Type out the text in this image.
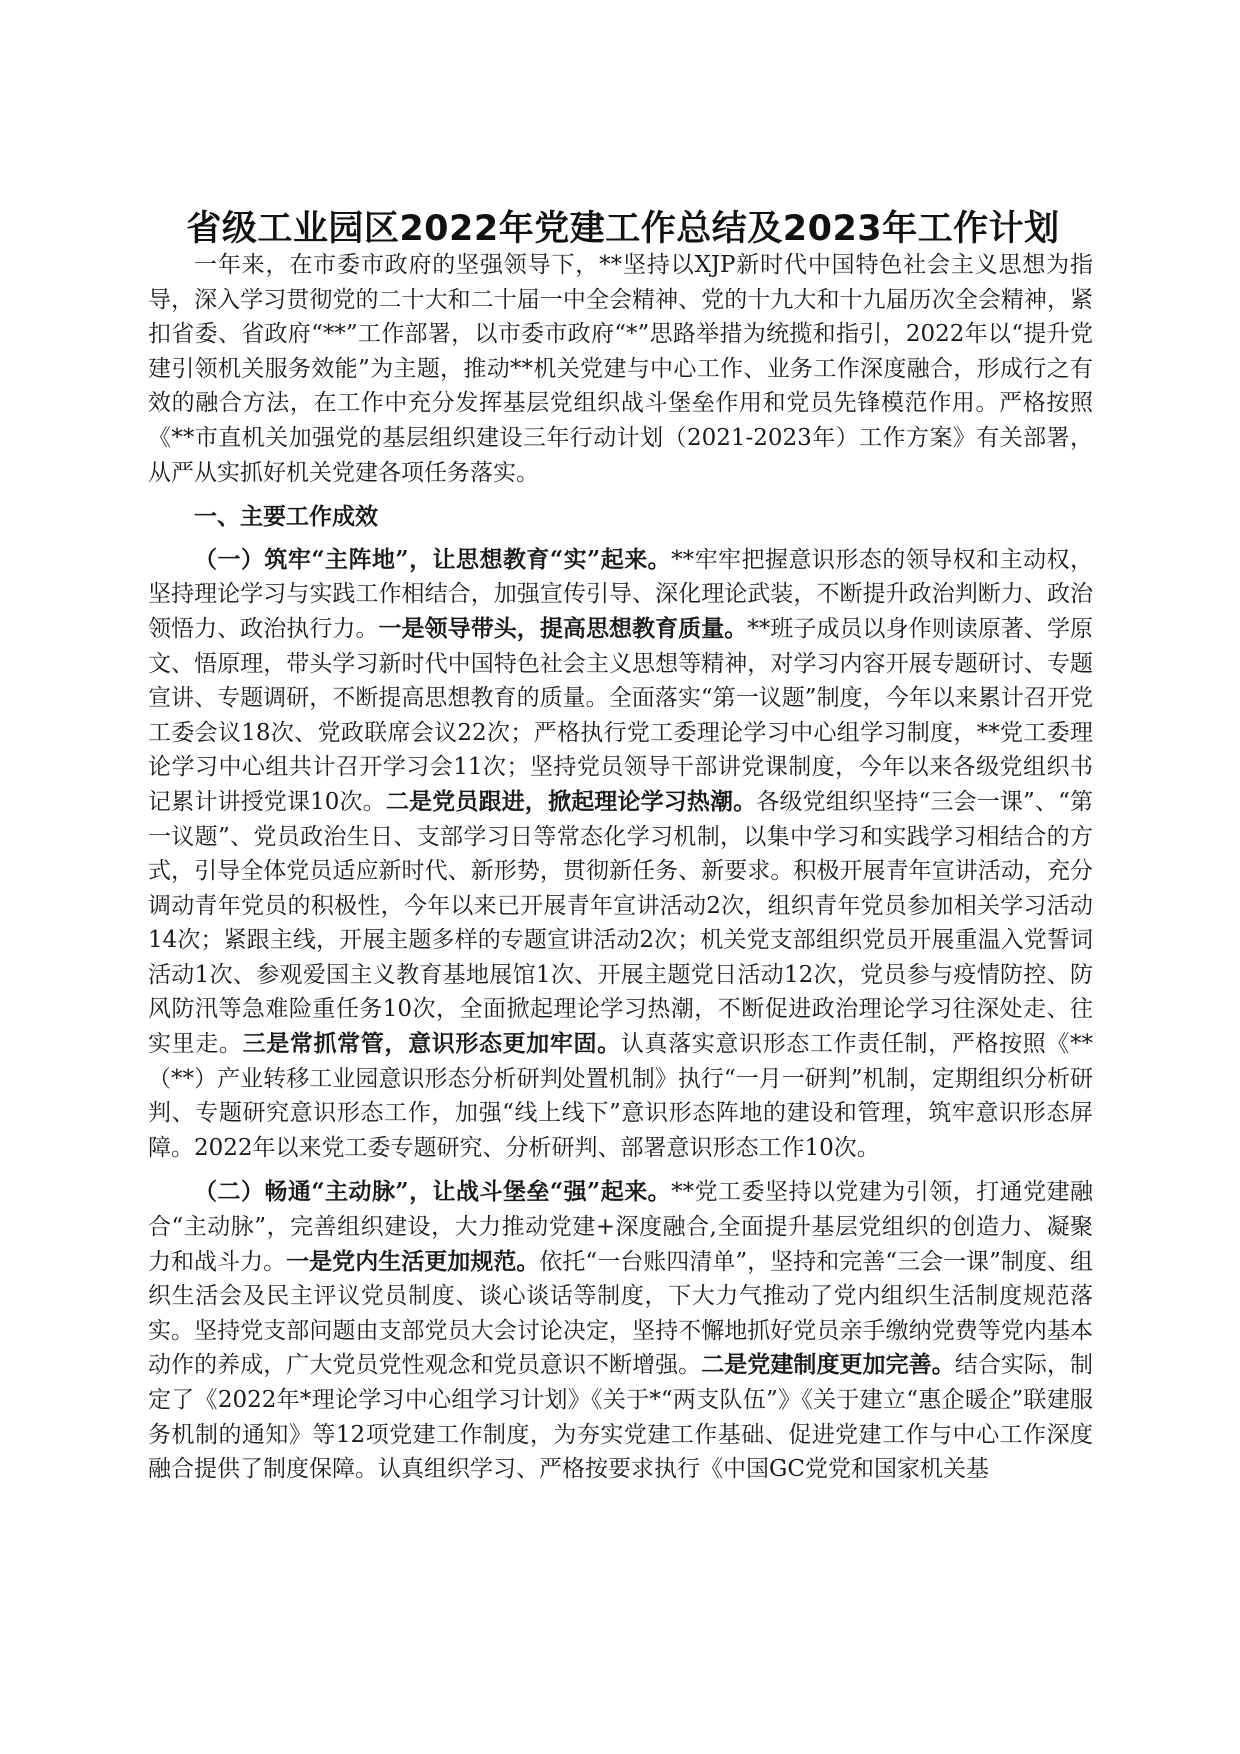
省级工业园区2022年党建工作总结及2023年工作计划

一年来，在市委市政府的坚强领导下，**坚持以XJP新时代中国特色社会主义思想为指导，深入学习贯彻党的二十大和二十届一中全会精神、党的十九大和十九届历次全会精神，紧扣省委、省政府“**”工作部署，以市委市政府“*”思路举措为统揽和指引，2022年以“提升党建引领机关服务效能”为主题，推动**机关党建与中心工作、业务工作深度融合，形成行之有效的融合方法，在工作中充分发挥基层党组织战斗堡垒作用和党员先锋模范作用。严格按照《**市直机关加强党的基层组织建设三年行动计划（2021-2023年）工作方案》有关部署，从严从实抓好机关党建各项任务落实。

一、主要工作成效

（一）筑牢“主阵地”，让思想教育“实”起来。**牢牢把握意识形态的领导权和主动权，坚持理论学习与实践工作相结合，加强宣传引导、深化理论武装，不断提升政治判断力、政治领悟力、政治执行力。一是领导带头，提高思想教育质量。**班子成员以身作则读原著、学原文、悟原理，带头学习新时代中国特色社会主义思想等精神，对学习内容开展专题研讨、专题宣讲、专题调研，不断提高思想教育的质量。全面落实“第一议题”制度，今年以来累计召开党工委会议18次、党政联席会议22次；严格执行党工委理论学习中心组学习制度，**党工委理论学习中心组共计召开学习会11次；坚持党员领导干部讲党课制度，今年以来各级党组织书记累计讲授党课10次。二是党员跟进，掀起理论学习热潮。各级党组织坚持“三会一课”、“第一议题”、党员政治生日、支部学习日等常态化学习机制，以集中学习和实践学习相结合的方式，引导全体党员适应新时代、新形势，贯彻新任务、新要求。积极开展青年宣讲活动，充分调动青年党员的积极性，今年以来已开展青年宣讲活动2次，组织青年党员参加相关学习活动14次；紧跟主线，开展主题多样的专题宣讲活动2次；机关党支部组织党员开展重温入党誓词活动1次、参观爱国主义教育基地展馆1次、开展主题党日活动12次，党员参与疫情防控、防风防汛等急难险重任务10次，全面掀起理论学习热潮，不断促进政治理论学习往深处走、往实里走。三是常抓常管，意识形态更加牢固。认真落实意识形态工作责任制，严格按照《**（**）产业转移工业园意识形态分析研判处置机制》执行“一月一研判”机制，定期组织分析研判、专题研究意识形态工作，加强“线上线下”意识形态阵地的建设和管理，筑牢意识形态屏障。2022年以来党工委专题研究、分析研判、部署意识形态工作10次。

（二）畅通“主动脉”，让战斗堡垒“强”起来。**党工委坚持以党建为引领，打通党建融合“主动脉”，完善组织建设，大力推动党建+深度融合,全面提升基层党组织的创造力、凝聚力和战斗力。一是党内生活更加规范。依托“一台账四清单”，坚持和完善“三会一课”制度、组织生活会及民主评议党员制度、谈心谈话等制度，下大力气推动了党内组织生活制度规范落实。坚持党支部问题由支部党员大会讨论决定，坚持不懈地抓好党员亲手缴纳党费等党内基本动作的养成，广大党员党性观念和党员意识不断增强。二是党建制度更加完善。结合实际，制定了《2022年*理论学习中心组学习计划》《关于*“两支队伍”》《关于建立“惠企暖企”联建服务机制的通知》等12项党建工作制度，为夯实党建工作基础、促进党建工作与中心工作深度融合提供了制度保障。认真组织学习、严格按要求执行《中国GC党党和国家机关基
